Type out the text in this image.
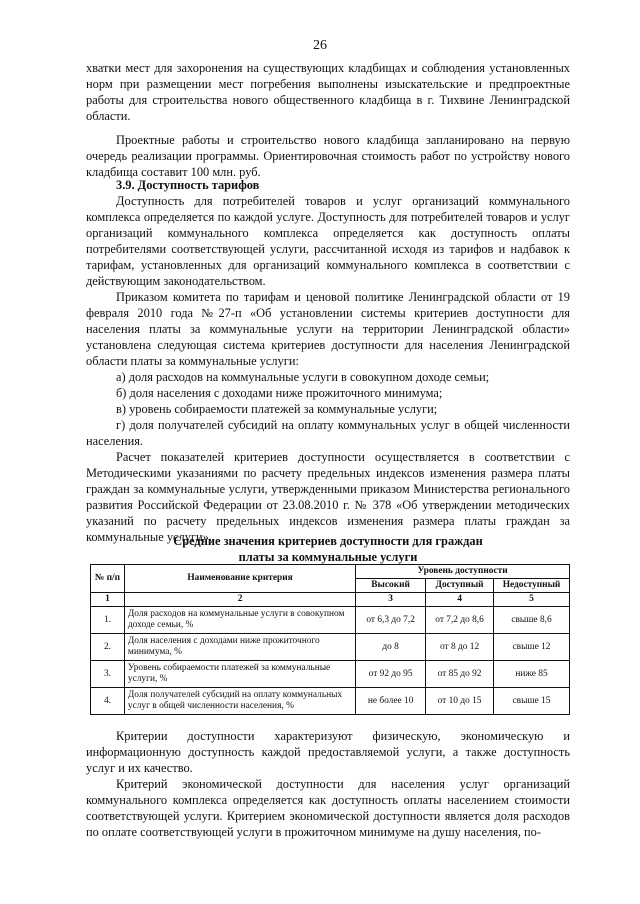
26

хватки мест для захоронения на существующих кладбищах и соблюдения установленных норм при размещении мест погребения выполнены изыскательские и предпроектные работы для строительства нового общественного кладбища в г. Тихвине Ленинградской области.

Проектные работы и строительство нового кладбища запланировано на первую очередь реализации программы. Ориентировочная стоимость работ по устройству нового кладбища составит 100 млн. руб.

3.9. Доступность тарифов

Доступность для потребителей товаров и услуг организаций коммунального комплекса определяется по каждой услуге. Доступность для потребителей товаров и услуг организаций коммунального комплекса определяется как доступность оплаты потребителями соответствующей услуги, рассчитанной исходя из тарифов и надбавок к тарифам, установленных для организаций коммунального комплекса в соответствии с действующим законодательством.

Приказом комитета по тарифам и ценовой политике Ленинградской области от 19 февраля 2010 года №27-п «Об установлении системы критериев доступности для населения платы за коммунальные услуги на территории Ленинградской области» установлена следующая система критериев доступности для населения Ленинградской области платы за коммунальные услуги:

а) доля расходов на коммунальные услуги в совокупном доходе семьи;

б) доля населения с доходами ниже прожиточного минимума;

в) уровень собираемости платежей за коммунальные услуги;

г) доля получателей субсидий на оплату коммунальных услуг в общей численности населения.

Расчет показателей критериев доступности осуществляется в соответствии с Методическими указаниями по расчету предельных индексов изменения размера платы граждан за коммунальные услуги, утвержденными приказом Министерства регионального развития Российской Федерации от 23.08.2010 г. № 378 «Об утверждении методических указаний по расчету предельных индексов изменения размера платы граждан за коммунальные услуги».

Средние значения критериев доступности для граждан
платы за коммунальные услуги
№ п/п	Наименование критерия	Уровень доступности		
		Высокий	Доступный	Недоступный
1	2	3	4	5
1.	Доля расходов на коммунальные услуги в совокупном доходе семьи, %	от 6,3 до 7,2	от 7,2 до 8,6	свыше 8,6
2.	Доля населения с доходами ниже прожиточного минимума, %	до 8	от 8 до 12	свыше 12
3.	Уровень собираемости платежей за коммунальные услуги, %	от 92 до 95	от 85 до 92	ниже 85
4.	Доля получателей субсидий на оплату коммунальных услуг в общей численности населения, %	не более 10	от 10 до 15	свыше 15

Критерии доступности характеризуют физическую, экономическую и информационную доступность каждой предоставляемой услуги, а также доступность услуг и их качество.

Критерий экономической доступности для населения услуг организаций коммунального комплекса определяется как доступность оплаты населением стоимости соответствующей услуги. Критерием экономической доступности является доля расходов по оплате соответствующей услуги в прожиточном минимуме на душу населения, по-
